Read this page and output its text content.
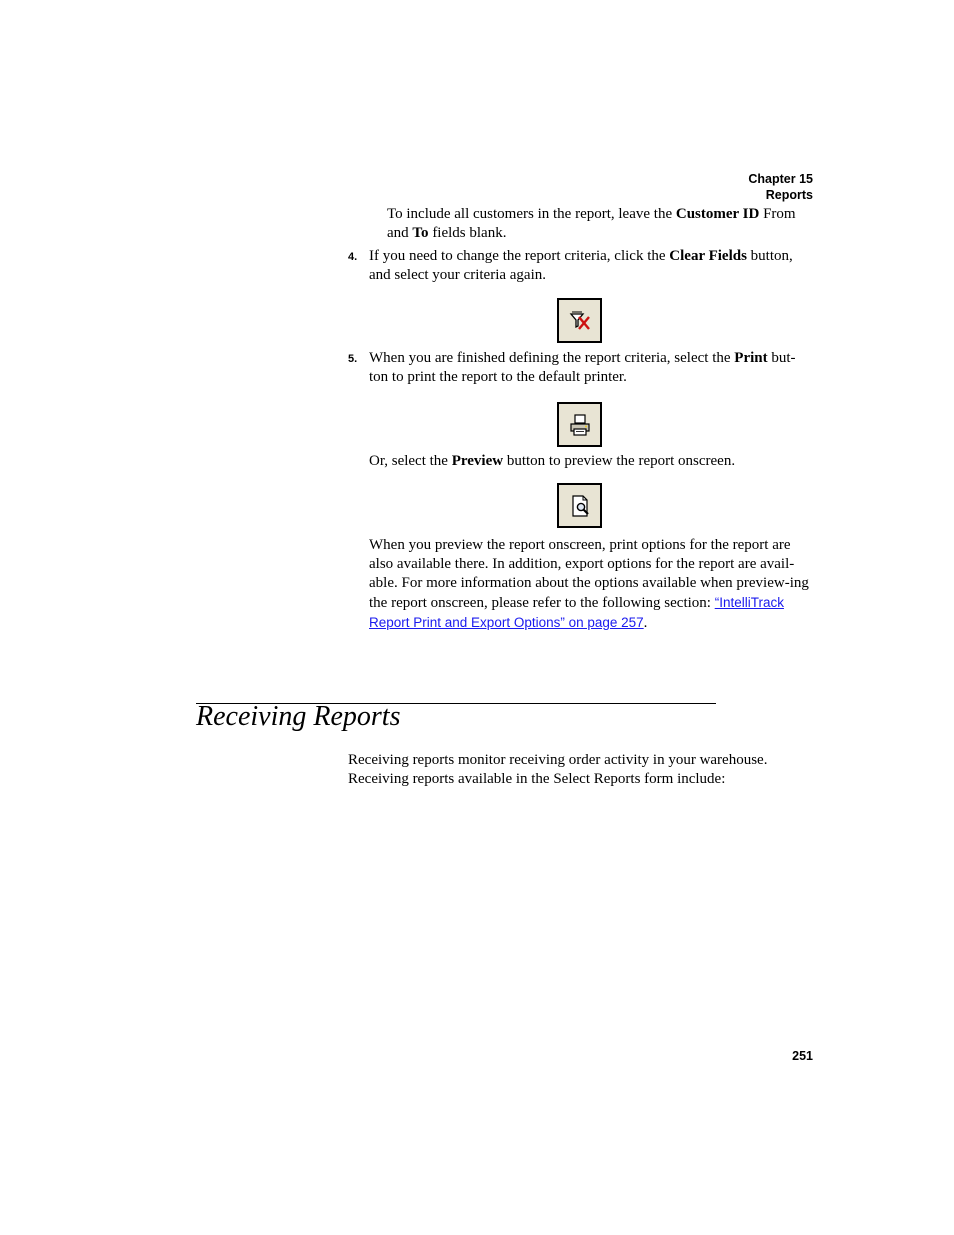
Chapter 15
Reports

To include all customers in the report, leave the Customer ID From and To fields blank.

4. If you need to change the report criteria, click the Clear Fields button, and select your criteria again.

5. When you are finished defining the report criteria, select the Print but-ton to print the report to the default printer.

Or, select the Preview button to preview the report onscreen.

When you preview the report onscreen, print options for the report are also available there. In addition, export options for the report are avail-able. For more information about the options available when preview-ing the report onscreen, please refer to the following section: “IntelliTrack Report Print and Export Options” on page 257.

Receiving Reports

Receiving reports monitor receiving order activity in your warehouse. Receiving reports available in the Select Reports form include:

251
